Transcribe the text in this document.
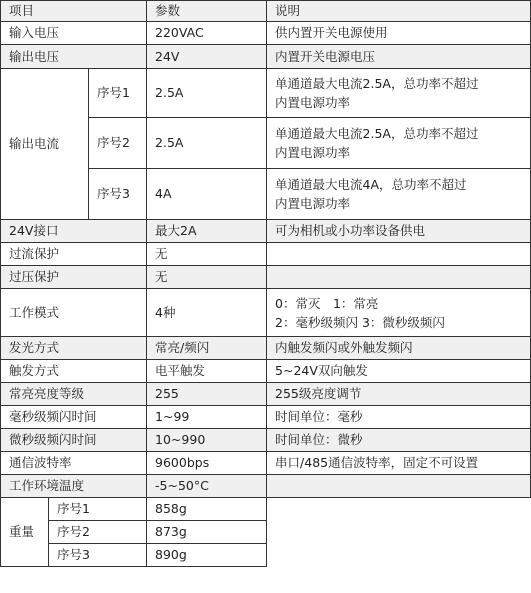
项目			参数	说明
输入电压			220VAC	供内置开关电源使用
输出电压			24V	内置开关电源电压
输出电流		序号1	2.5A	单通道最大电流2.5A，总功率不超过
内置电源功率

		序号2	2.5A	单通道最大电流2.5A，总功率不超过
内置电源功率

		序号3	4A	单通道最大电流4A，总功率不超过
内置电源功率

24V接口			最大2A	可为相机或小功率设备供电
过流保护			无	
过压保护			无	
工作模式			4种	0：常灭　1：常亮
2：毫秒级频闪 3：微秒级频闪

发光方式			常亮/频闪	内触发频闪或外触发频闪
触发方式			电平触发	5~24V双向触发
常亮亮度等级			255	255级亮度调节
毫秒级频闪时间			1~99	时间单位：毫秒
微秒级频闪时间			10~990	时间单位：微秒
通信波特率			9600bps	串口/485通信波特率，固定不可设置
工作环境温度			-5~50°C	
重量	序号1		858g	
	序号2		873g	
	序号3		890g	
